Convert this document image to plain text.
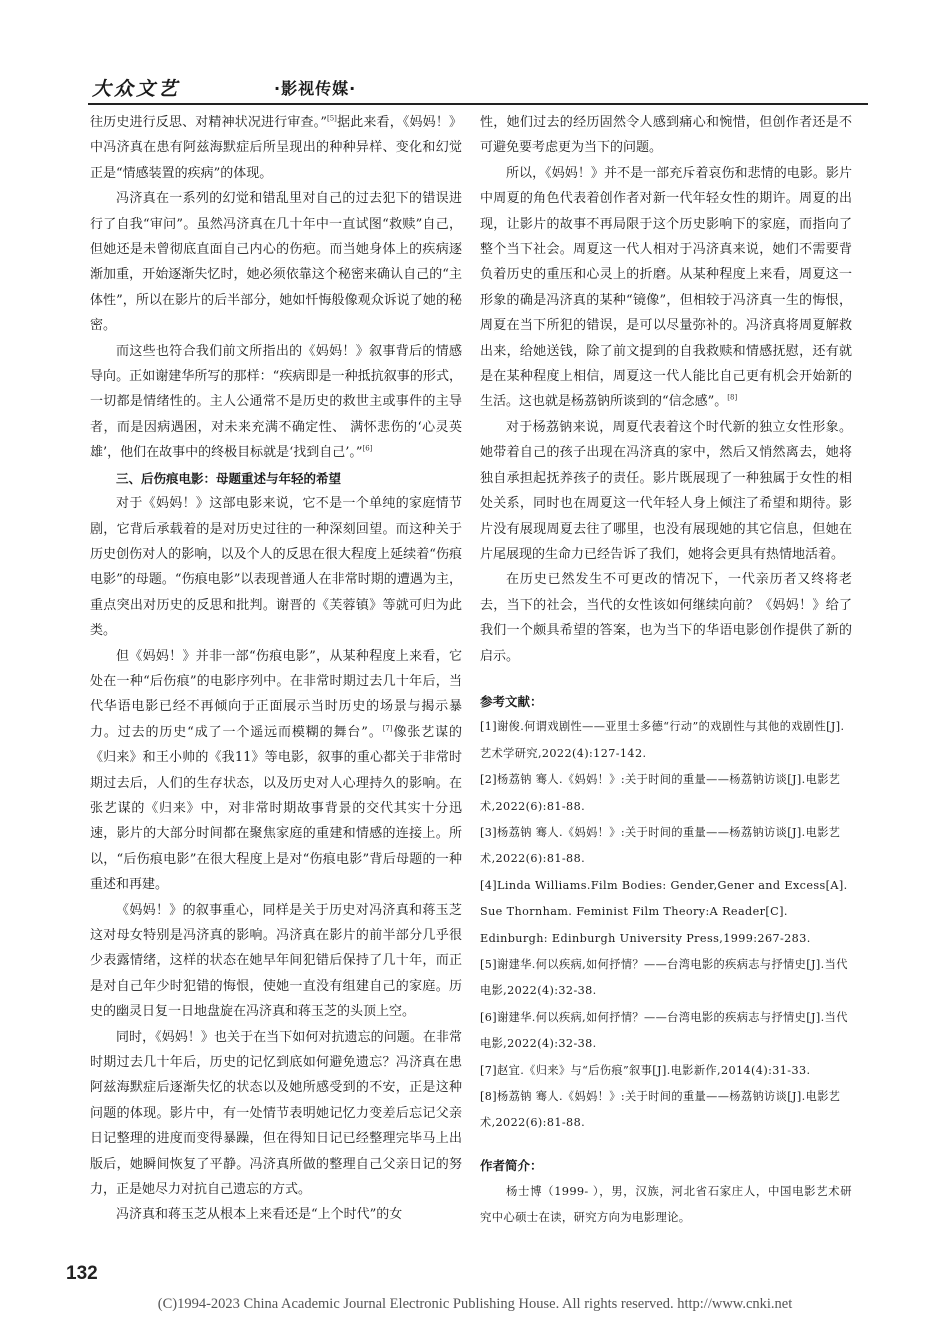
大众文艺	·影视传媒·

往历史进行反思、对精神状况进行审查。”[5]据此来看，《妈妈！》中冯济真在患有阿兹海默症后所呈现出的种种异样、变化和幻觉正是“情感装置的疾病”的体现。

冯济真在一系列的幻觉和错乱里对自己的过去犯下的错误进行了自我“审问”。虽然冯济真在几十年中一直试图“救赎”自己，但她还是未曾彻底直面自己内心的伤疤。而当她身体上的疾病逐渐加重，开始逐渐失忆时，她必须依靠这个秘密来确认自己的“主体性”，所以在影片的后半部分，她如忏悔般像观众诉说了她的秘密。

而这些也符合我们前文所指出的《妈妈！》叙事背后的情感导向。正如谢建华所写的那样：“疾病即是一种抵抗叙事的形式， 一切都是情绪性的。主人公通常不是历史的救世主或事件的主导者，而是因病遇困，对未来充满不确定性、 满怀悲伤的‘心灵英雄’，他们在故事中的终极目标就是‘找到自己’。”[6]

三、后伤痕电影：母题重述与年轻的希望

对于《妈妈！》这部电影来说，它不是一个单纯的家庭情节剧，它背后承载着的是对历史过往的一种深刻回望。而这种关于历史创伤对人的影响，以及个人的反思在很大程度上延续着“伤痕电影”的母题。“伤痕电影”以表现普通人在非常时期的遭遇为主，重点突出对历史的反思和批判。谢晋的《芙蓉镇》等就可归为此类。

但《妈妈！》并非一部“伤痕电影”，从某种程度上来看，它处在一种“后伤痕”的电影序列中。在非常时期过去几十年后，当代华语电影已经不再倾向于正面展示当时历史的场景与揭示暴力。过去的历史“成了一个遥远而模糊的舞台”。[7]像张艺谋的《归来》和王小帅的《我11》等电影，叙事的重心都关于非常时期过去后，人们的生存状态，以及历史对人心理持久的影响。在张艺谋的《归来》中，对非常时期故事背景的交代其实十分迅速，影片的大部分时间都在聚焦家庭的重建和情感的连接上。所以，“后伤痕电影”在很大程度上是对“伤痕电影”背后母题的一种重述和再建。

《妈妈！》的叙事重心，同样是关于历史对冯济真和蒋玉芝这对母女特别是冯济真的影响。冯济真在影片的前半部分几乎很少表露情绪，这样的状态在她早年间犯错后保持了几十年，而正是对自己年少时犯错的悔恨，使她一直没有组建自己的家庭。历史的幽灵日复一日地盘旋在冯济真和蒋玉芝的头顶上空。

同时，《妈妈！》也关于在当下如何对抗遗忘的问题。在非常时期过去几十年后，历史的记忆到底如何避免遗忘？冯济真在患阿兹海默症后逐渐失忆的状态以及她所感受到的不安，正是这种问题的体现。影片中，有一处情节表明她记忆力变差后忘记父亲日记整理的进度而变得暴躁，但在得知日记已经整理完毕马上出版后，她瞬间恢复了平静。冯济真所做的整理自己父亲日记的努力，正是她尽力对抗自己遗忘的方式。

冯济真和蒋玉芝从根本上来看还是“上个时代”的女

性，她们过去的经历固然令人感到痛心和惋惜，但创作者还是不可避免要考虑更为当下的问题。

所以，《妈妈！》并不是一部充斥着哀伤和悲情的电影。影片中周夏的角色代表着创作者对新一代年轻女性的期许。周夏的出现，让影片的故事不再局限于这个历史影响下的家庭，而指向了整个当下社会。周夏这一代人相对于冯济真来说，她们不需要背负着历史的重压和心灵上的折磨。从某种程度上来看，周夏这一形象的确是冯济真的某种“镜像”，但相较于冯济真一生的悔恨，周夏在当下所犯的错误，是可以尽量弥补的。冯济真将周夏解救出来，给她送钱，除了前文提到的自我救赎和情感抚慰，还有就是在某种程度上相信，周夏这一代人能比自己更有机会开始新的生活。这也就是杨荔钠所谈到的“信念感”。[8]

对于杨荔钠来说，周夏代表着这个时代新的独立女性形象。她带着自己的孩子出现在冯济真的家中，然后又悄然离去，她将独自承担起抚养孩子的责任。影片既展现了一种独属于女性的相处关系，同时也在周夏这一代年轻人身上倾注了希望和期待。影片没有展现周夏去往了哪里，也没有展现她的其它信息，但她在片尾展现的生命力已经告诉了我们，她将会更具有热情地活着。

在历史已然发生不可更改的情况下，一代亲历者又终将老去，当下的社会，当代的女性该如何继续向前？《妈妈！》给了我们一个颇具希望的答案，也为当下的华语电影创作提供了新的启示。

参考文献：

[1]谢俊.何谓戏剧性——亚里士多德“行动”的戏剧性与其他的戏剧性[J].艺术学研究,2022(4):127-142.

[2]杨荔钠 骞人.《妈妈！》:关于时间的重量——杨荔钠访谈[J].电影艺术,2022(6):81-88.

[3]杨荔钠 骞人.《妈妈！》:关于时间的重量——杨荔钠访谈[J].电影艺术,2022(6):81-88.

[4]Linda Williams.Film Bodies: Gender,Gener and Excess[A]. Sue Thornham. Feminist Film Theory:A Reader[C]. Edinburgh: Edinburgh University Press,1999:267-283.

[5]谢建华.何以疾病,如何抒情？——台湾电影的疾病志与抒情史[J].当代电影,2022(4):32-38.

[6]谢建华.何以疾病,如何抒情？——台湾电影的疾病志与抒情史[J].当代电影,2022(4):32-38.

[7]赵宜.《归来》与“后伤痕”叙事[J].电影新作,2014(4):31-33.

[8]杨荔钠 骞人.《妈妈！》:关于时间的重量——杨荔钠访谈[J].电影艺术,2022(6):81-88.

作者简介：

杨士博（1999- ），男，汉族，河北省石家庄人，中国电影艺术研究中心硕士在读，研究方向为电影理论。

132
(C)1994-2023 China Academic Journal Electronic Publishing House. All rights reserved. http://www.cnki.net
